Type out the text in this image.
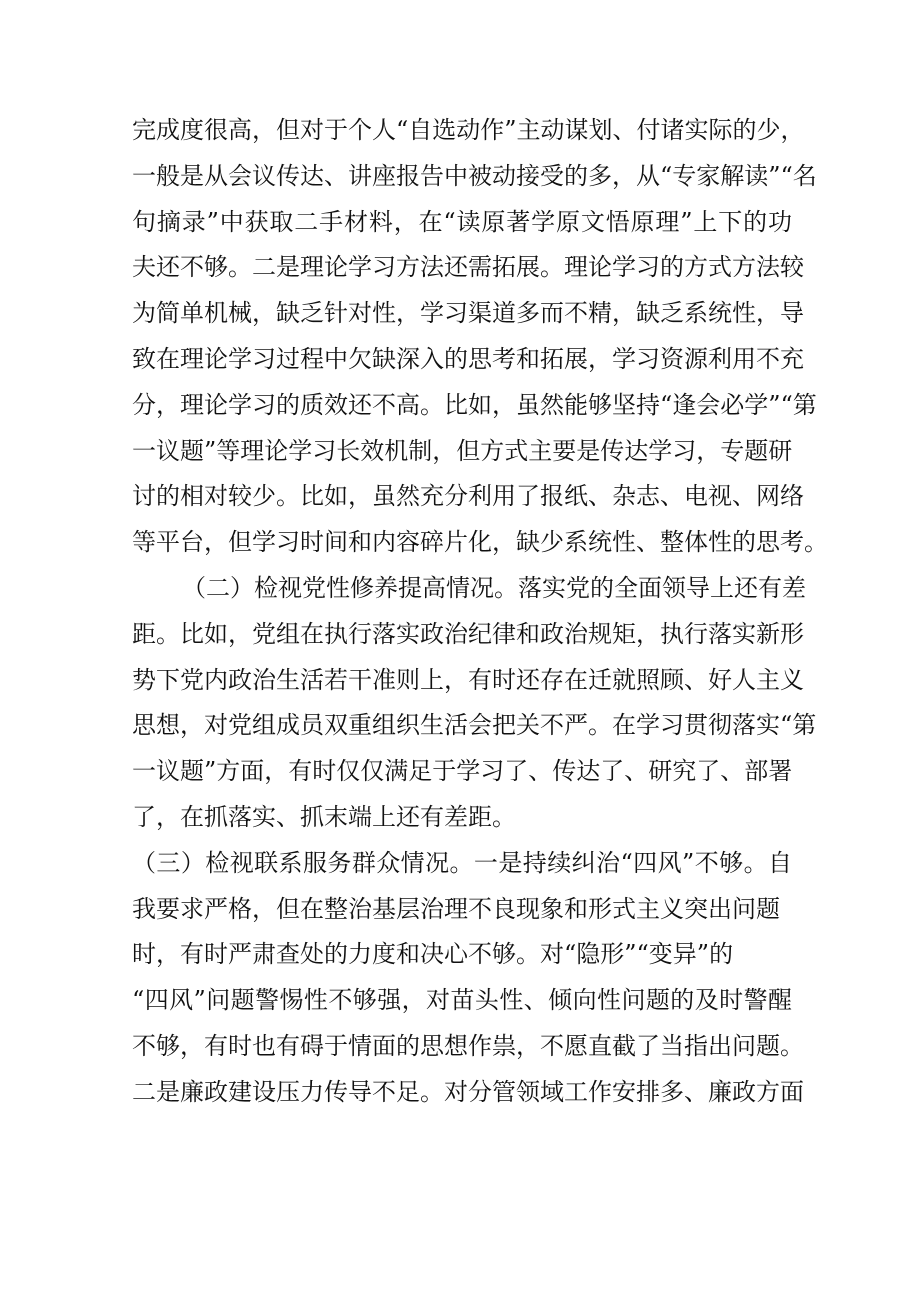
完成度很高，但对于个人“自选动作”主动谋划、付诸实际的少，
一般是从会议传达、讲座报告中被动接受的多，从“专家解读”“名
句摘录”中获取二手材料，在“读原著学原文悟原理”上下的功
夫还不够。二是理论学习方法还需拓展。理论学习的方式方法较
为简单机械，缺乏针对性，学习渠道多而不精，缺乏系统性，导
致在理论学习过程中欠缺深入的思考和拓展，学习资源利用不充
分，理论学习的质效还不高。比如，虽然能够坚持“逢会必学”“第
一议题”等理论学习长效机制，但方式主要是传达学习，专题研
讨的相对较少。比如，虽然充分利用了报纸、杂志、电视、网络
等平台，但学习时间和内容碎片化，缺少系统性、整体性的思考。
（二）检视党性修养提高情况。落实党的全面领导上还有差
距。比如，党组在执行落实政治纪律和政治规矩，执行落实新形
势下党内政治生活若干准则上，有时还存在迁就照顾、好人主义
思想，对党组成员双重组织生活会把关不严。在学习贯彻落实“第
一议题”方面，有时仅仅满足于学习了、传达了、研究了、部署
了，在抓落实、抓末端上还有差距。
（三）检视联系服务群众情况。一是持续纠治“四风”不够。自
我要求严格，但在整治基层治理不良现象和形式主义突出问题
时，有时严肃查处的力度和决心不够。对“隐形”“变异”的
“四风”问题警惕性不够强，对苗头性、倾向性问题的及时警醒
不够，有时也有碍于情面的思想作祟，不愿直截了当指出问题。
二是廉政建设压力传导不足。对分管领域工作安排多、廉政方面
